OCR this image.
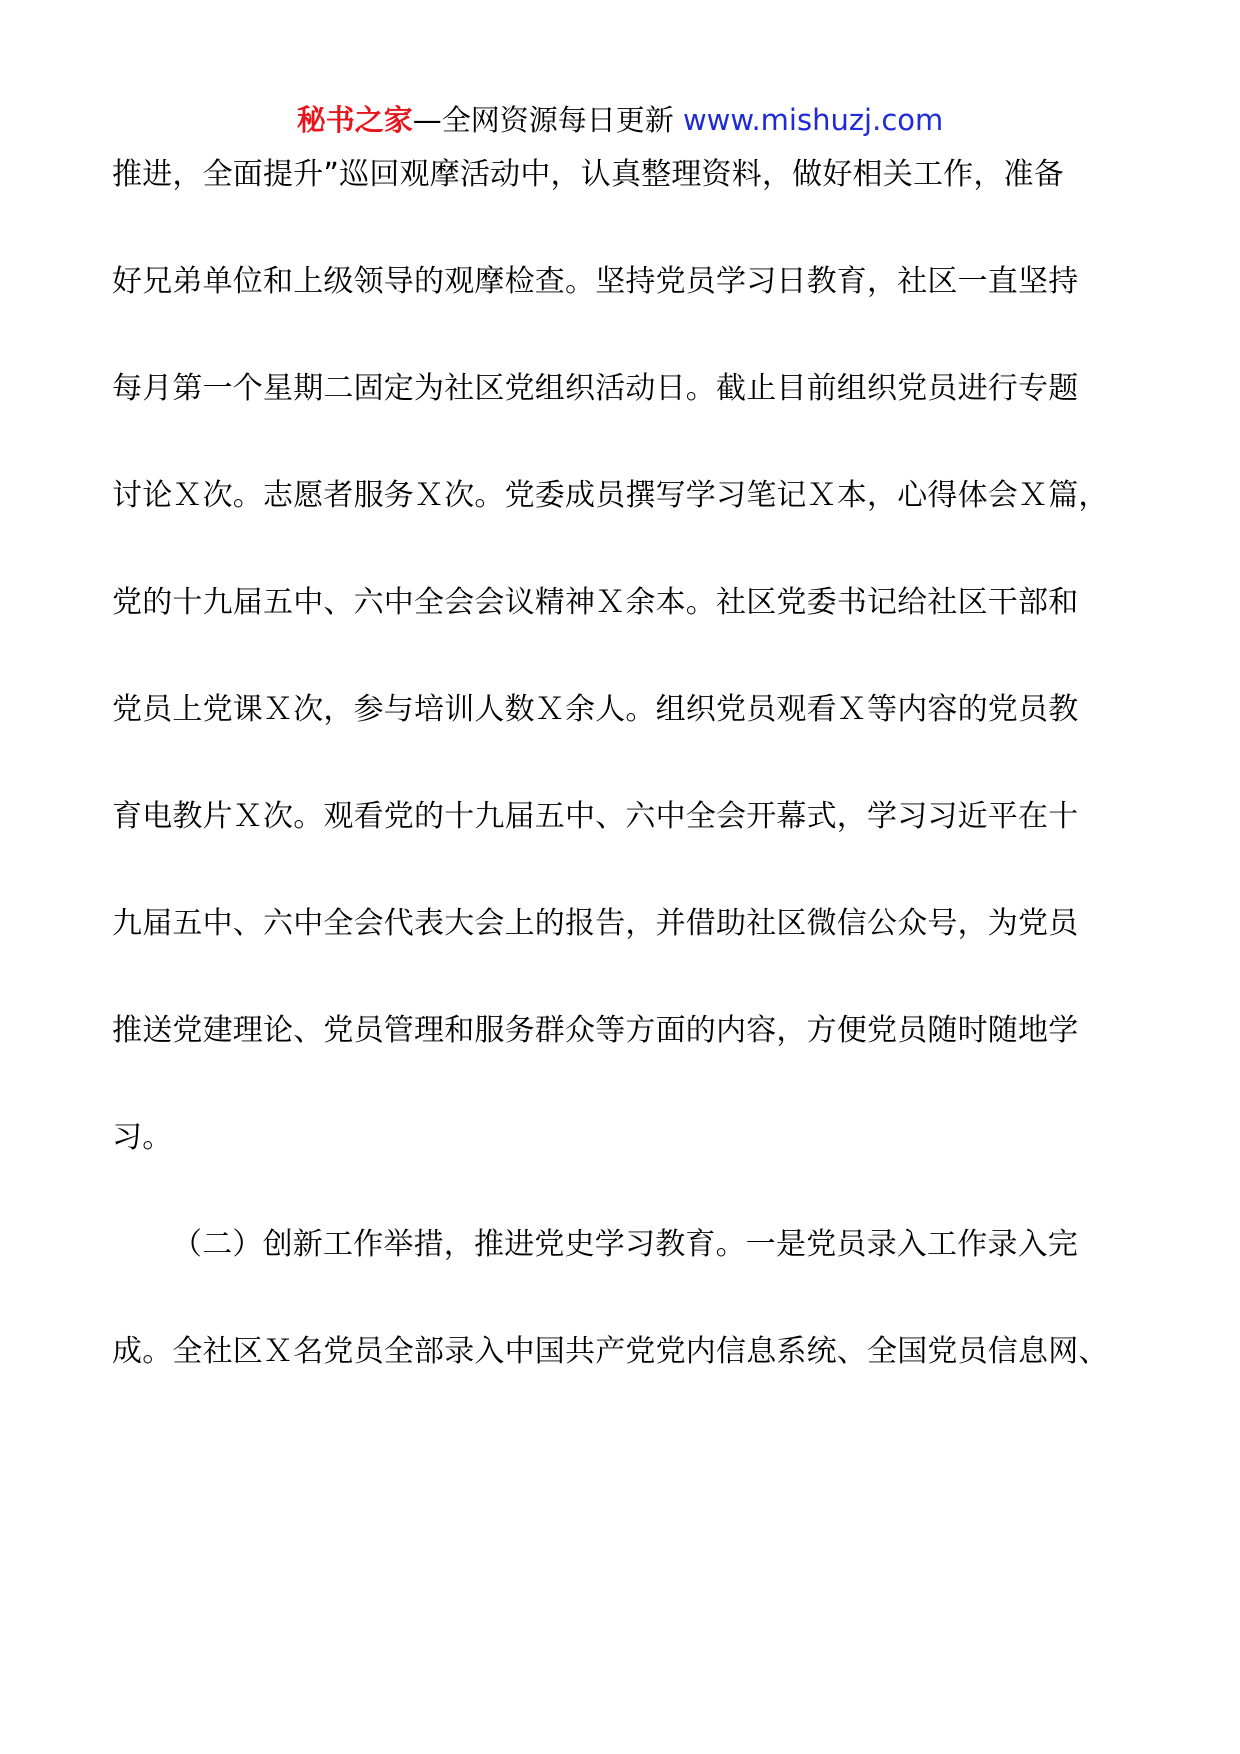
秘书之家—全网资源每日更新 www.mishuzj.com
推进，全面提升”巡回观摩活动中，认真整理资料，做好相关工作，准备
好兄弟单位和上级领导的观摩检查。坚持党员学习日教育，社区一直坚持
每月第一个星期二固定为社区党组织活动日。截止目前组织党员进行专题
讨论Ｘ次。志愿者服务Ｘ次。党委成员撰写学习笔记Ｘ本，心得体会Ｘ篇，
党的十九届五中、六中全会会议精神Ｘ余本。社区党委书记给社区干部和
党员上党课Ｘ次，参与培训人数Ｘ余人。组织党员观看Ｘ等内容的党员教
育电教片Ｘ次。观看党的十九届五中、六中全会开幕式，学习习近平在十
九届五中、六中全会代表大会上的报告，并借助社区微信公众号，为党员
推送党建理论、党员管理和服务群众等方面的内容，方便党员随时随地学
习。
（二）创新工作举措，推进党史学习教育。一是党员录入工作录入完
成。全社区Ｘ名党员全部录入中国共产党党内信息系统、全国党员信息网、
